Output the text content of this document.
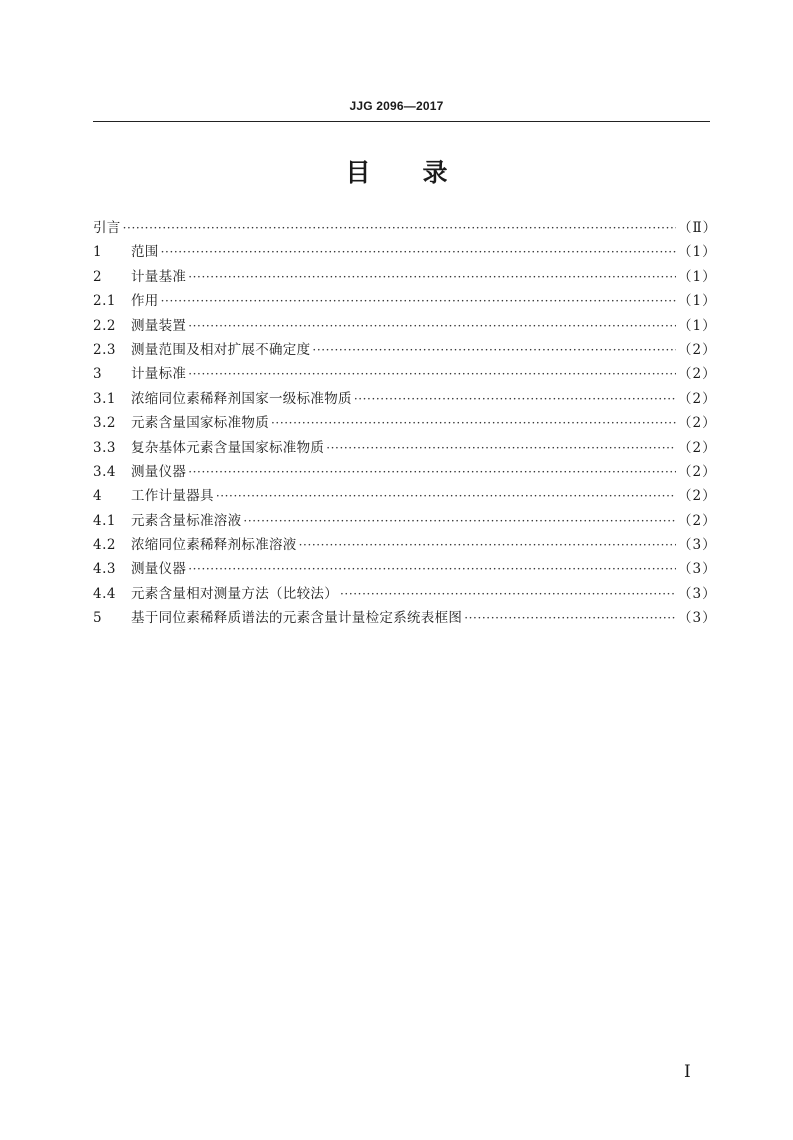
JJG 2096—2017
目 录
引言 ·····	（Ⅱ）
1	范围 ·····	（1）
2	计量基准 ·····	（1）
2.1	作用 ·····	（1）
2.2	测量装置 ·····	（1）
2.3	测量范围及相对扩展不确定度 ·····	（2）
3	计量标准 ·····	（2）
3.1	浓缩同位素稀释剂国家一级标准物质 ·····	（2）
3.2	元素含量国家标准物质 ·····	（2）
3.3	复杂基体元素含量国家标准物质 ·····	（2）
3.4	测量仪器 ·····	（2）
4	工作计量器具 ·····	（2）
4.1	元素含量标准溶液 ·····	（2）
4.2	浓缩同位素稀释剂标准溶液 ·····	（3）
4.3	测量仪器 ·····	（3）
4.4	元素含量相对测量方法（比较法） ·····	（3）
5	基于同位素稀释质谱法的元素含量计量检定系统表框图 ·····	（3）
I
